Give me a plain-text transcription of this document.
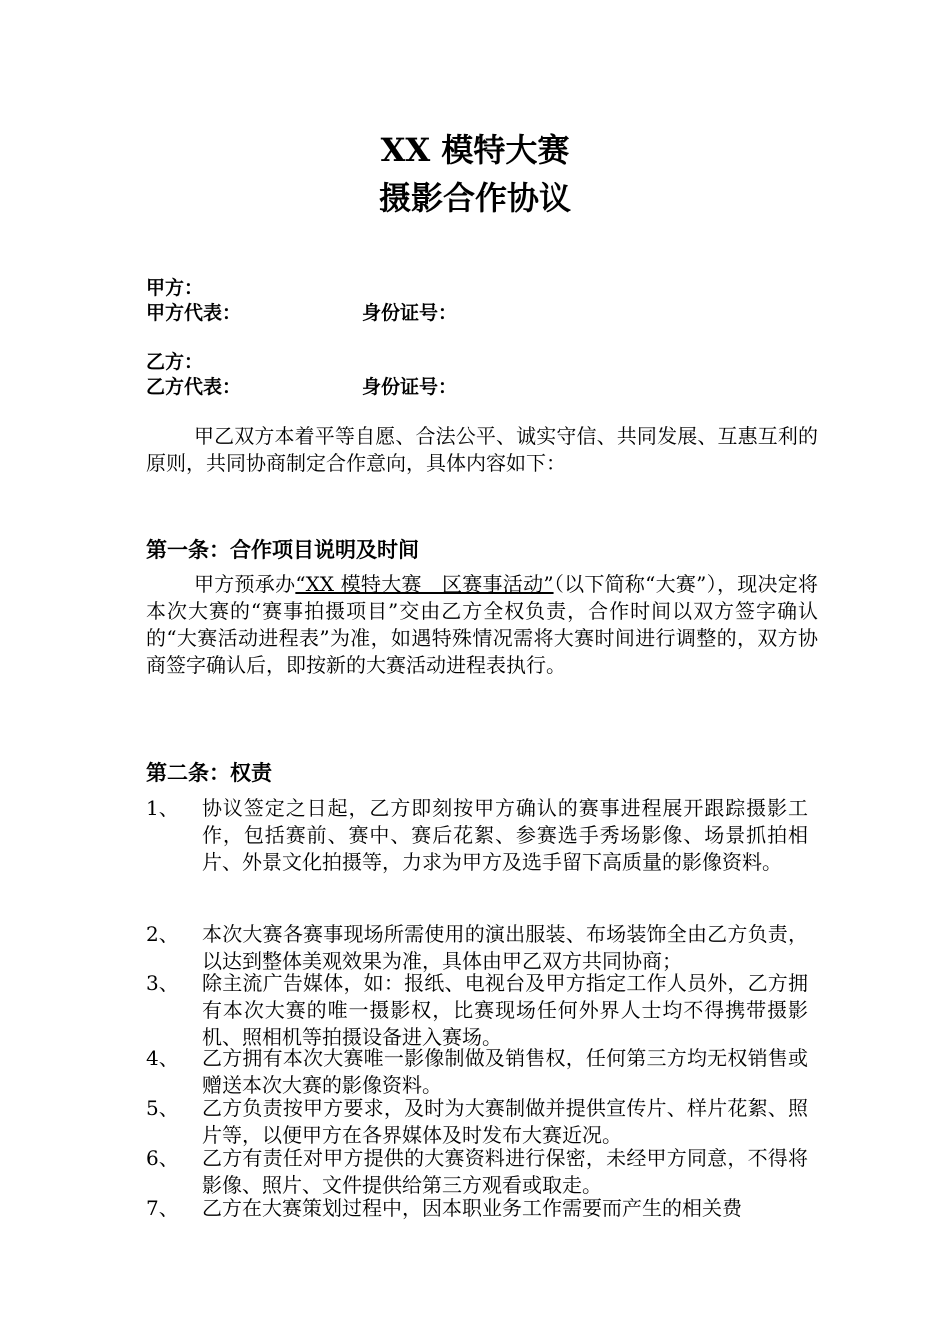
XX 模特大赛
摄影合作协议
甲方：
甲方代表：	身份证号：
乙方：
乙方代表：	身份证号：
甲乙双方本着平等自愿、合法公平、诚实守信、共同发展、互惠互利的原则，共同协商制定合作意向，具体内容如下：
第一条：合作项目说明及时间
甲方预承办“XX 模特大赛　区赛事活动”（以下简称“大赛”），现决定将本次大赛的“赛事拍摄项目”交由乙方全权负责，合作时间以双方签字确认的“大赛活动进程表”为准，如遇特殊情况需将大赛时间进行调整的，双方协商签字确认后，即按新的大赛活动进程表执行。
第二条：权责
1、 协议签定之日起，乙方即刻按甲方确认的赛事进程展开跟踪摄影工作，包括赛前、赛中、赛后花絮、参赛选手秀场影像、场景抓拍相片、外景文化拍摄等，力求为甲方及选手留下高质量的影像资料。
2、 本次大赛各赛事现场所需使用的演出服装、布场装饰全由乙方负责，以达到整体美观效果为准，具体由甲乙双方共同协商；
3、 除主流广告媒体，如：报纸、电视台及甲方指定工作人员外，乙方拥有本次大赛的唯一摄影权，比赛现场任何外界人士均不得携带摄影机、照相机等拍摄设备进入赛场。
4、 乙方拥有本次大赛唯一影像制做及销售权，任何第三方均无权销售或赠送本次大赛的影像资料。
5、 乙方负责按甲方要求，及时为大赛制做并提供宣传片、样片花絮、照片等，以便甲方在各界媒体及时发布大赛近况。
6、 乙方有责任对甲方提供的大赛资料进行保密，未经甲方同意，不得将影像、照片、文件提供给第三方观看或取走。
7、 乙方在大赛策划过程中，因本职业务工作需要而产生的相关费
